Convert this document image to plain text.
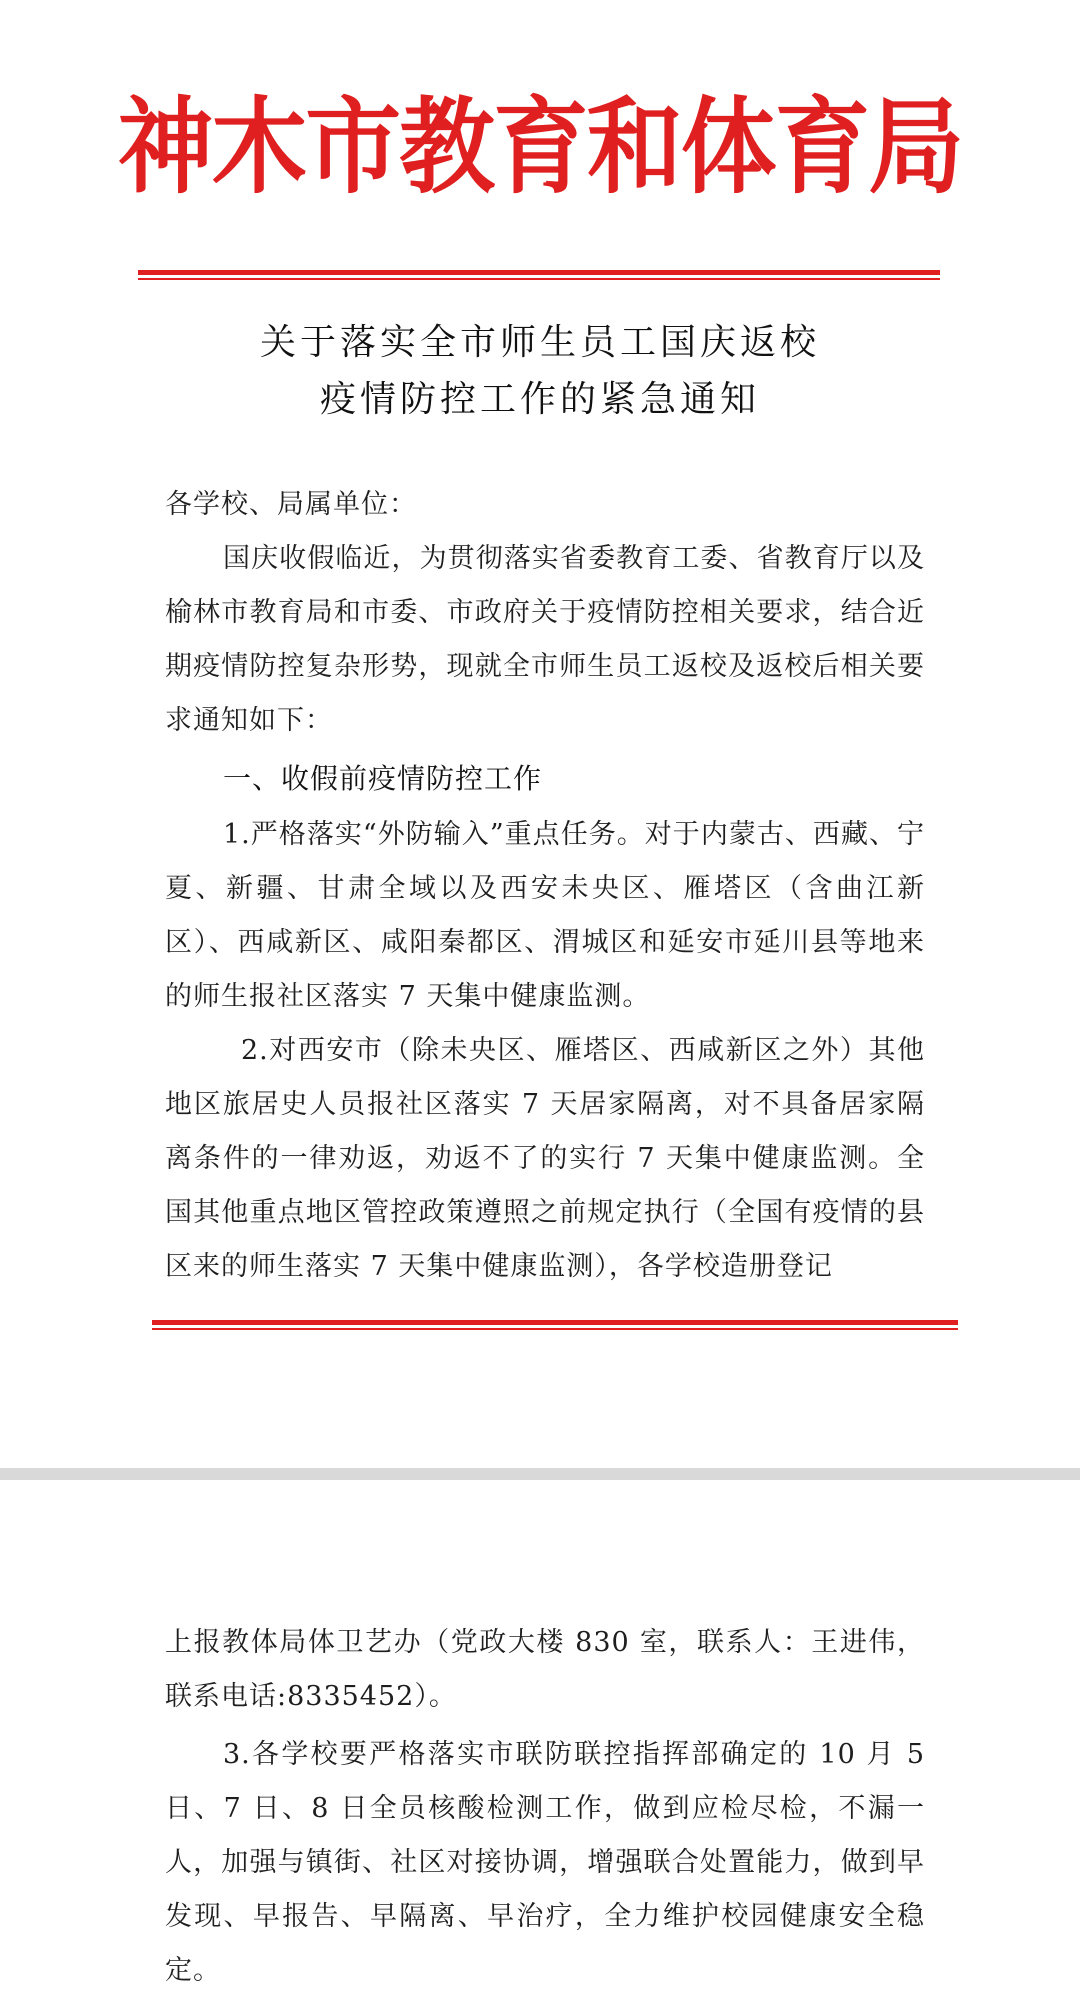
神木市教育和体育局
关于落实全市师生员工国庆返校
疫情防控工作的紧急通知

各学校、局属单位：

国庆收假临近，为贯彻落实省委教育工委、省教育厅以及榆林市教育局和市委、市政府关于疫情防控相关要求，结合近期疫情防控复杂形势，现就全市师生员工返校及返校后相关要求通知如下：

一、收假前疫情防控工作

1.严格落实“外防输入”重点任务。对于内蒙古、西藏、宁夏、新疆、甘肃全域以及西安未央区、雁塔区（含曲江新区）、西咸新区、咸阳秦都区、渭城区和延安市延川县等地来的师生报社区落实 7 天集中健康监测。

2.对西安市（除未央区、雁塔区、西咸新区之外）其他地区旅居史人员报社区落实 7 天居家隔离，对不具备居家隔离条件的一律劝返，劝返不了的实行 7 天集中健康监测。全国其他重点地区管控政策遵照之前规定执行（全国有疫情的县区来的师生落实 7 天集中健康监测），各学校造册登记

上报教体局体卫艺办（党政大楼 830 室，联系人：王进伟，联系电话:8335452）。

3.各学校要严格落实市联防联控指挥部确定的 10 月 5 日、7 日、8 日全员核酸检测工作，做到应检尽检，不漏一人，加强与镇街、社区对接协调，增强联合处置能力，做到早发现、早报告、早隔离、早治疗，全力维护校园健康安全稳定。
